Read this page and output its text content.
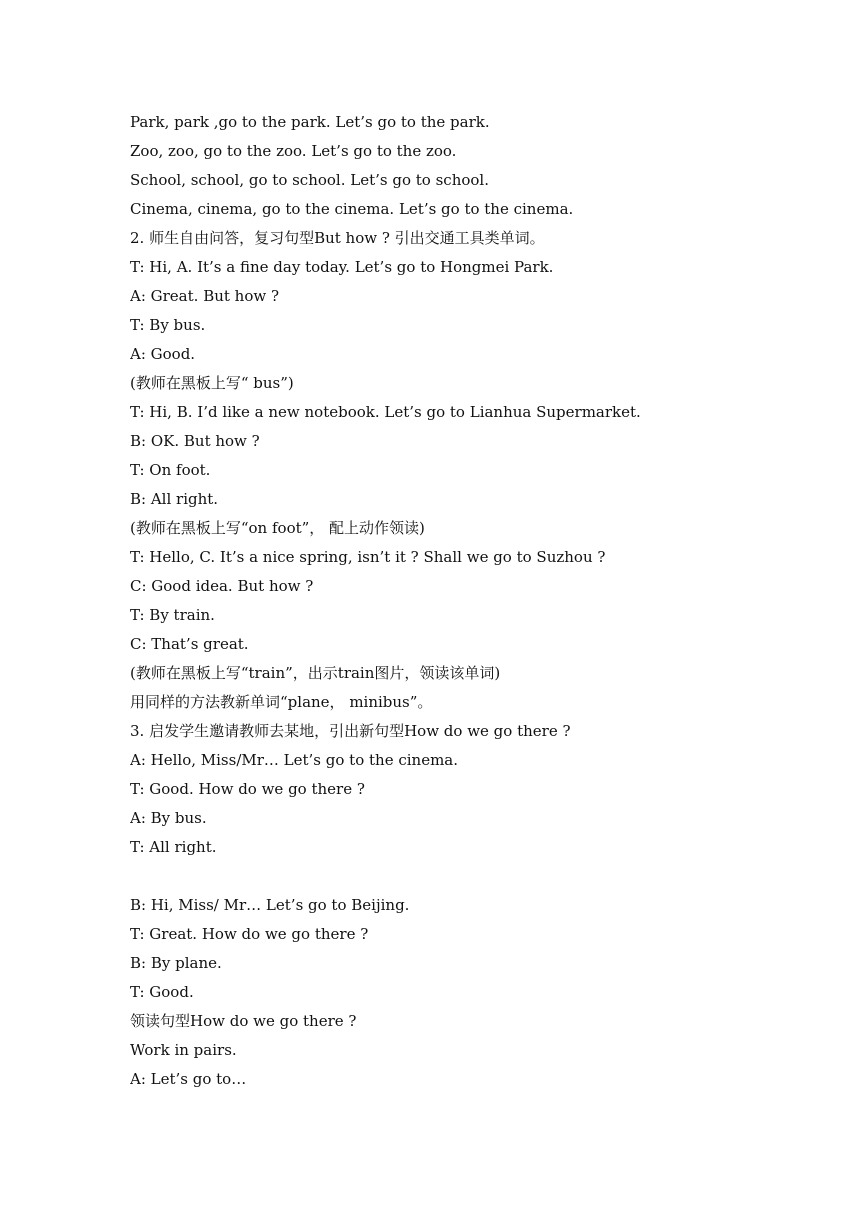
Park, park ,go to the park. Let’s go to the park.
Zoo, zoo, go to the zoo. Let’s go to the zoo.
School, school, go to school. Let’s go to school.
Cinema, cinema, go to the cinema. Let’s go to the cinema.
2. 师生自由问答，复习句型But how ? 引出交通工具类单词。
T: Hi, A. It’s a fine day today. Let’s go to Hongmei Park.
A: Great. But how ?
T: By bus.
A: Good.
(教师在黑板上写“ bus”)
T: Hi, B. I’d like a new notebook. Let’s go to Lianhua Supermarket.
B: OK. But how ?
T: On foot.
B: All right.
(教师在黑板上写“on foot”， 配上动作领读)
T: Hello, C. It’s a nice spring, isn’t it ? Shall we go to Suzhou ?
C: Good idea. But how ?
T: By train.
C: That’s great.
(教师在黑板上写“train”，出示train图片，领读该单词)
用同样的方法教新单词“plane， minibus”。
3. 启发学生邀请教师去某地，引出新句型How do we go there ?
A: Hello, Miss/Mr… Let’s go to the cinema.
T: Good. How do we go there ?
A: By bus.
T: All right.
B: Hi, Miss/ Mr… Let’s go to Beijing.
T: Great. How do we go there ?
B: By plane.
T: Good.
领读句型How do we go there ?
Work in pairs.
A: Let’s go to…
